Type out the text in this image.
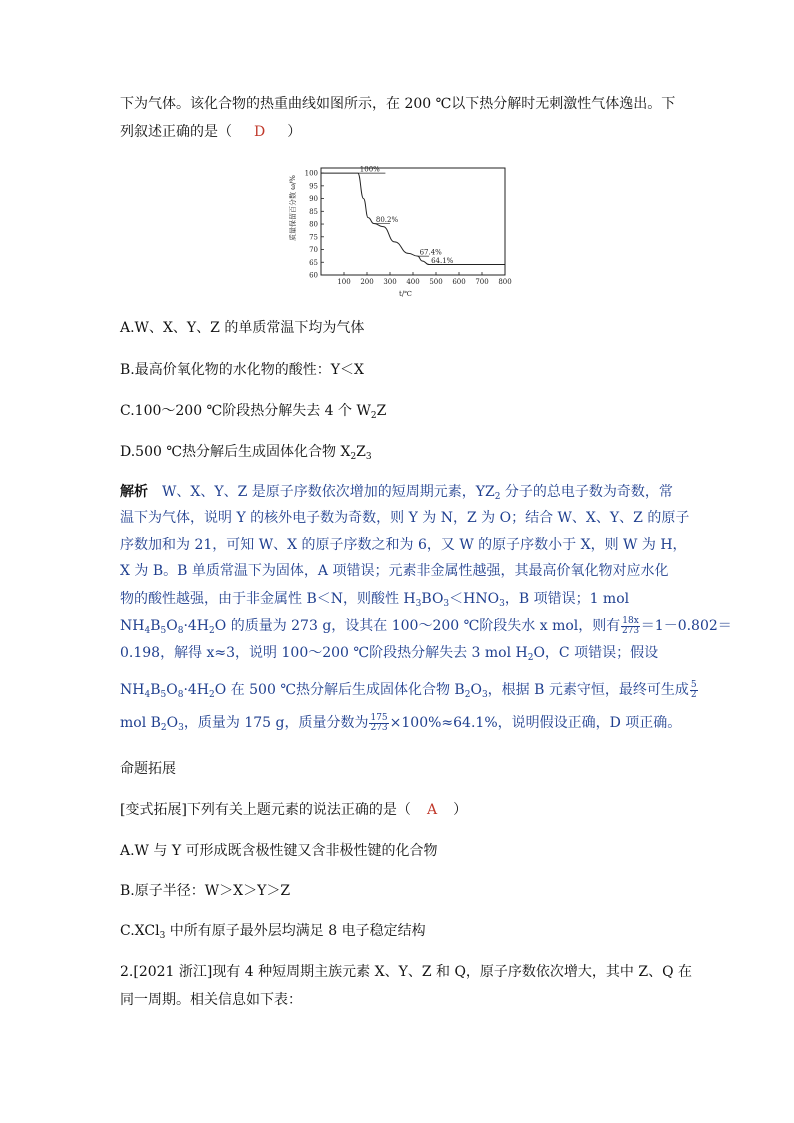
下为气体。该化合物的热重曲线如图所示，在 200 ℃以下热分解时无刺激性气体逸出。下
列叙述正确的是（ D ）
60
65
70
75
80
85
90
95
100
100 200 300 400 500 600 700 800
100%
80.2%
67.4%
64.1%
质量保留百分数 ω/%
t/℃
A.W、X、Y、Z 的单质常温下均为气体
B.最高价氧化物的水化物的酸性：Y＜X
C.100～200 ℃阶段热分解失去 4 个 $W_2Z$
D.500 ℃热分解后生成固体化合物 $X_2Z_3$
解析　W、X、Y、Z 是原子序数依次增加的短周期元素，$YZ_2$ 分子的总电子数为奇数，常
温下为气体，说明 Y 的核外电子数为奇数，则 Y 为 N，Z 为 O；结合 W、X、Y、Z 的原子
序数加和为 21，可知 W、X 的原子序数之和为 6，又 W 的原子序数小于 X，则 W 为 H，
X 为 B。B 单质常温下为固体，A 项错误；元素非金属性越强，其最高价氧化物对应水化
物的酸性越强，由于非金属性 B＜N，则酸性 $H_3BO_3<HNO_3$，B 项错误；1 mol
$NH_4B_5O_8\cdot 4H_2O$ 的质量为 273 g，设其在 100～200 ℃阶段失水 x mol，则有 $\frac{18x}{273} =1-0.802=$
0.198，解得 x≈3，说明 100～200 ℃阶段热分解失去 3 mol $H_2O$，C 项错误；假设
$NH_4B_5O_8\cdot 4H_2O$ 在 500 ℃热分解后生成固体化合物 $B_2O_3$，根据 B 元素守恒，最终可生成 $\frac{5}{2}$
mol $B_2O_3$，质量为 175 g，质量分数为 $\frac{175}{273} \times 100\%\approx 64.1\%$，说明假设正确，D 项正确。
命题拓展
[变式拓展]下列有关上题元素的说法正确的是（ A ）
A.W 与 Y 可形成既含极性键又含非极性键的化合物
B.原子半径：W＞X＞Y＞Z
C.XCl$_3$ 中所有原子最外层均满足 8 电子稳定结构
2.[2021 浙江]现有 4 种短周期主族元素 X、Y、Z 和 Q，原子序数依次增大，其中 Z、Q 在
同一周期。相关信息如下表：
